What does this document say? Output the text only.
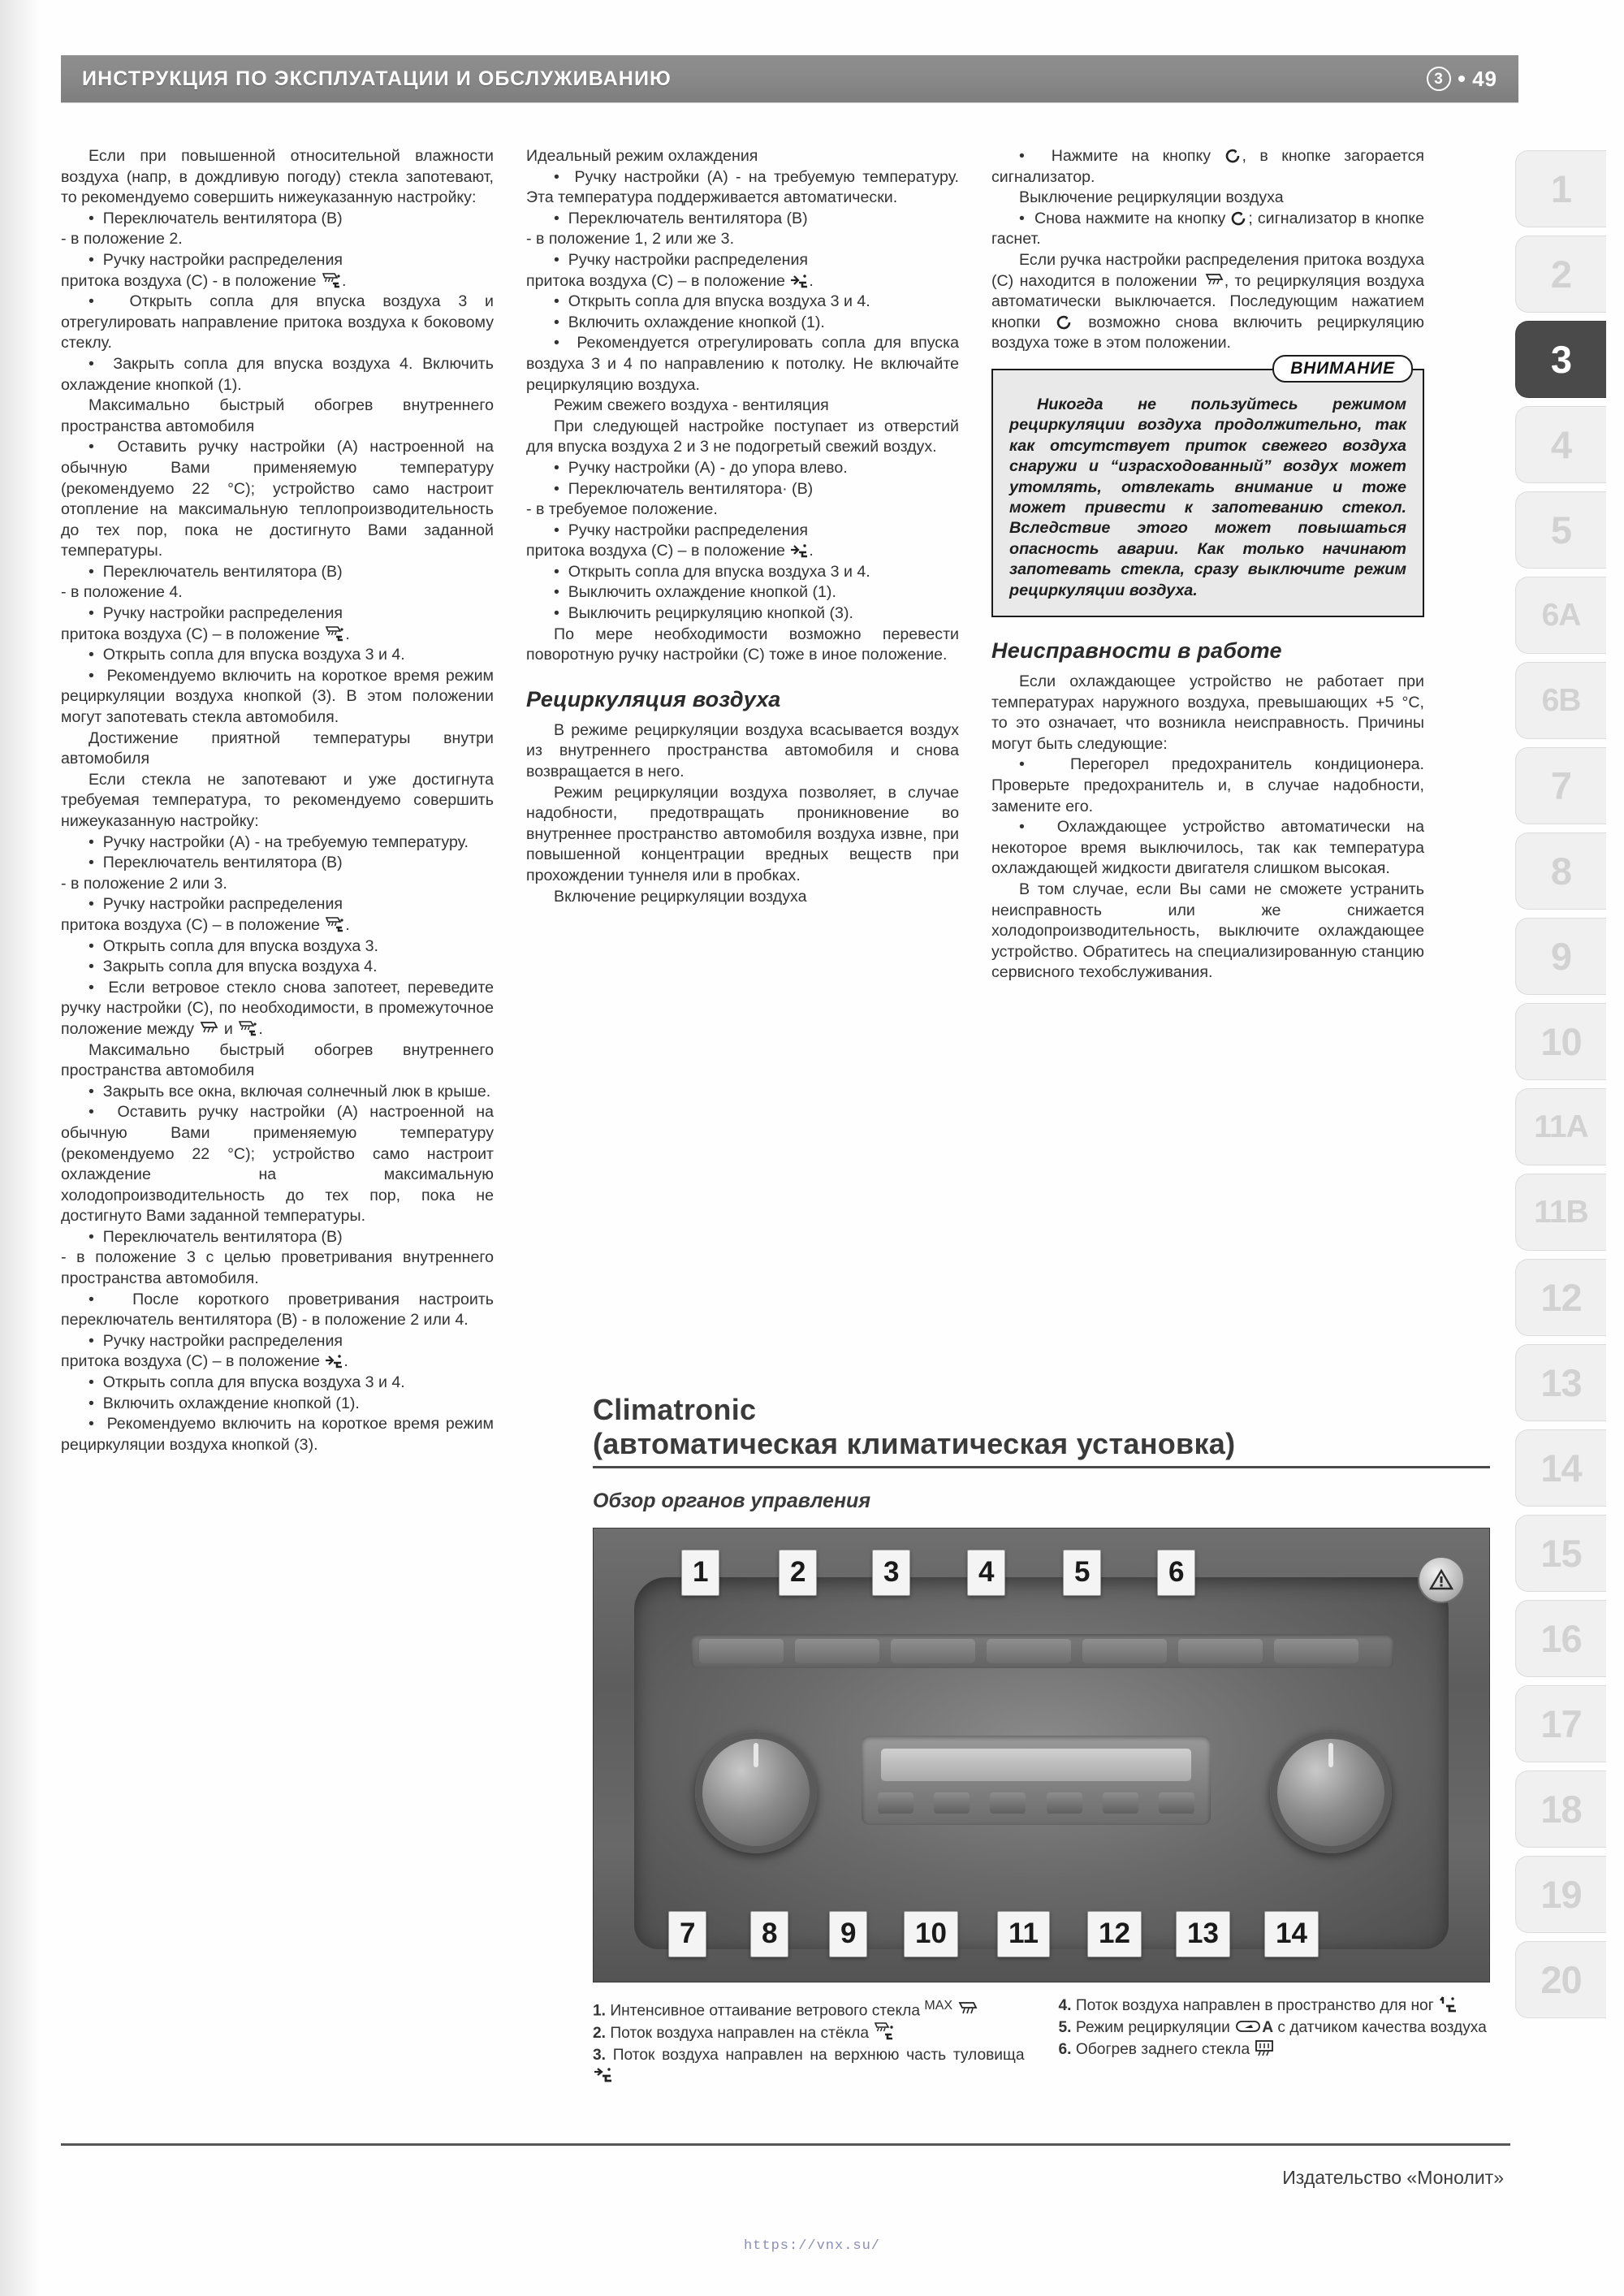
ИНСТРУКЦИЯ ПО ЭКСПЛУАТАЦИИ И ОБСЛУЖИВАНИЮ	3	49

Если при повышенной относительной влажности воздуха (напр, в дождливую погоду) стекла запотевают, то рекомендуемо совершить нижеуказанную настройку:

•  Переключатель вентилятора (B)

- в положение 2.

•  Ручку настройки распределения

притока воздуха (C) - в положение .

•  Открыть сопла для впуска воздуха 3 и отрегулировать направление притока воздуха к боковому стеклу.

•  Закрыть сопла для впуска воздуха 4. Включить охлаждение кнопкой (1).

Максимально быстрый обогрев внутреннего пространства автомобиля

•  Оставить ручку настройки (A) настроенной на обычную Вами применяемую температуру (рекомендуемо 22 °C); устройство само настроит отопление на максимальную теплопроизводительность до тех пор, пока не достигнуто Вами заданной температуры.

•  Переключатель вентилятора (B)

- в положение 4.

•  Ручку настройки распределения

притока воздуха (C) – в положение .

•  Открыть сопла для впуска воздуха 3 и 4.

•  Рекомендуемо включить на короткое время режим рециркуляции воздуха кнопкой (3). В этом положении могут запотевать стекла автомобиля.

Достижение приятной температуры внутри автомобиля

Если стекла не запотевают и уже достигнута требуемая температура, то рекомендуемо совершить нижеуказанную настройку:

•  Ручку настройки (A) - на требуемую температуру.

•  Переключатель вентилятора (B)

- в положение 2 или 3.

•  Ручку настройки распределения

притока воздуха (C) – в положение .

•  Открыть сопла для впуска воздуха 3.

•  Закрыть сопла для впуска воздуха 4.

•  Если ветровое стекло снова запотеет, переведите ручку настройки (C), по необходимости, в промежуточное положение между и .

Максимально быстрый обогрев внутреннего пространства автомобиля

•  Закрыть все окна, включая солнечный люк в крыше.

•  Оставить ручку настройки (A) настроенной на обычную Вами применяемую температуру (рекомендуемо 22 °C); устройство само настроит охлаждение на максимальную холодопроизводительность до тех пор, пока не достигнуто Вами заданной температуры.

•  Переключатель вентилятора (B)

- в положение 3 с целью проветривания внутреннего пространства автомобиля.

•  После короткого проветривания настроить переключатель вентилятора (B) - в положение 2 или 4.

•  Ручку настройки распределения

притока воздуха (C) – в положение .

•  Открыть сопла для впуска воздуха 3 и 4.

•  Включить охлаждение кнопкой (1).

•  Рекомендуемо включить на короткое время режим рециркуляции воздуха кнопкой (3).

Идеальный режим охлаждения

•  Ручку настройки (A) - на требуемую температуру. Эта температура поддерживается автоматически.

•  Переключатель вентилятора (B)

- в положение 1, 2 или же 3.

•  Ручку настройки распределения

притока воздуха (C) – в положение .

•  Открыть сопла для впуска воздуха 3 и 4.

•  Включить охлаждение кнопкой (1).

•  Рекомендуется отрегулировать сопла для впуска воздуха 3 и 4 по направлению к потолку. Не включайте рециркуляцию воздуха.

Режим свежего воздуха - вентиляция

При следующей настройке поступает из отверстий для впуска воздуха 2 и 3 не подогретый свежий воздух.

•  Ручку настройки (A) - до упора влево.

•  Переключатель вентилятора· (B)

- в требуемое положение.

•  Ручку настройки распределения

притока воздуха (C) – в положение .

•  Открыть сопла для впуска воздуха 3 и 4.

•  Выключить охлаждение кнопкой (1).

•  Выключить рециркуляцию кнопкой (3).

По мере необходимости возможно перевести поворотную ручку настройки (C) тоже в иное положение.

Рециркуляция воздуха

В режиме рециркуляции воздуха всасывается воздух из внутреннего пространства автомобиля и снова возвращается в него.

Режим рециркуляции воздуха позволяет, в случае надобности, предотвращать проникновение во внутреннее пространство автомобиля воздуха извне, при повышенной концентрации вредных веществ при прохождении туннеля или в пробках.

Включение рециркуляции воздуха

•  Нажмите на кнопку , в кнопке загорается сигнализатор.

Выключение рециркуляции воздуха

•  Снова нажмите на кнопку ; сигнализатор в кнопке гаснет.

Если ручка настройки распределения притока воздуха (C) находится в положении , то рециркуляция воздуха автоматически выключается. Последующим нажатием кнопки	возможно снова включить рециркуляцию воздуха тоже в этом положении.

ВНИМАНИЕ

Никогда не пользуйтесь режимом рециркуляции воздуха продолжительно, так как отсутствует приток свежего воздуха снаружи и “израсходованный” воздух может утомлять, отвлекать внимание и тоже может привести к запотеванию стекол. Вследствие этого может повышаться опасность аварии. Как только начинают запотевать стекла, сразу выключите режим рециркуляции воздуха.

Неисправности в работе

Если охлаждающее устройство не работает при температурах наружного воздуха, превышающих +5 °C, то это означает, что возникла неисправность. Причины могут быть следующие:

•  Перегорел предохранитель кондиционера. Проверьте предохранитель и, в случае надобности, замените его.

•  Охлаждающее устройство автоматически на некоторое время выключилось, так как температура охлаждающей жидкости двигателя слишком высокая.

В том случае, если Вы сами не сможете устранить неисправность или же снижается холодопроизводительность, выключите охлаждающее устройство. Обратитесь на специализированную станцию сервисного техобслуживания.

Climatronic
(автоматическая климатическая установка)
Обзор органов управления
1	2	3	4	5	6
7	8	9	10	11	12	13	14

1. Интенсивное оттаивание ветрового стекла $^{MAX}$

2. Поток воздуха направлен на стёкла

3. Поток воздуха направлен на верхнюю часть туловища

4. Поток воздуха направлен в пространство для ног

5. Режим рециркуляции A с датчиком качества воздуха

6. Обогрев заднего стекла

1
2
3
4
5
6A
6B
7
8
9
10
11A
11B
12
13
14
15
16
17
18
19
20
Издательство «Монолит»
https://vnx.su/
